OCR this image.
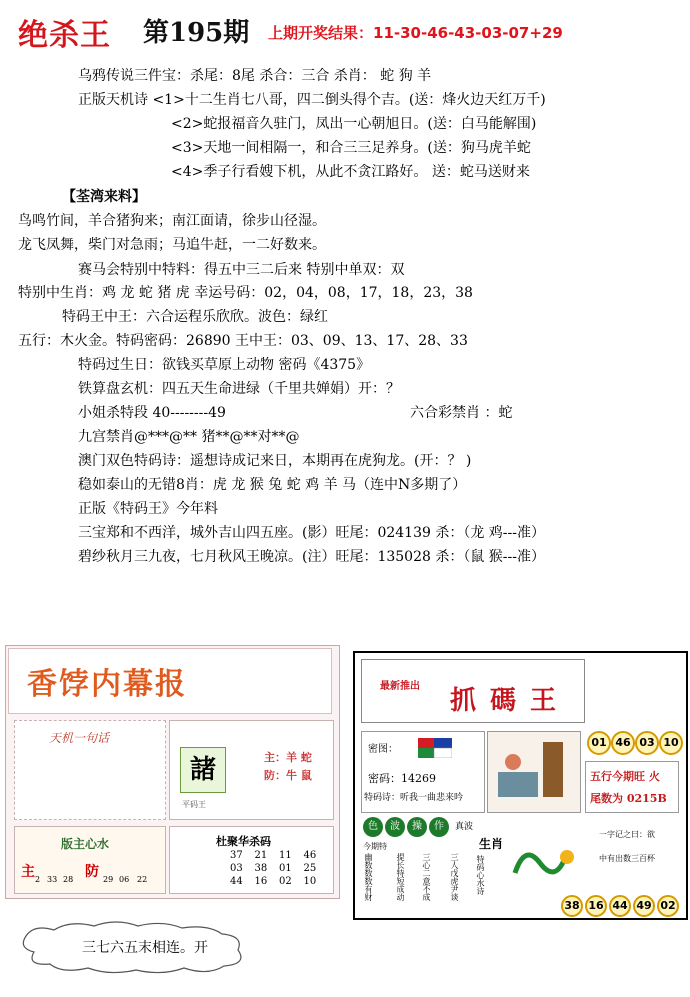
绝杀王 第195期 上期开奖结果：11-30-46-43-03-07+29
乌鸦传说三件宝：杀尾：8尾 杀合：三合 杀肖： 蛇 狗 羊
正版天机诗 <1>十二生肖七八哥，四二倒头得个吉。(送：烽火边天红万千)
<2>蛇报福音久驻门，凤出一心朝旭日。(送：白马能解围)
<3>天地一间相隔一，和合三三足养身。(送：狗马虎羊蛇
<4>季子行看嫂下机，从此不贪江路好。 送：蛇马送财来
【荃湾来料】
鸟鸣竹间，羊合猪狗来；南江面请，徐步山径湿。
龙飞凤舞，柴门对急雨；马追牛赶，一二好数来。
赛马会特别中特料：得五中三二后来 特别中单双：双
特别中生肖：鸡 龙 蛇 猪 虎 幸运号码：02，04，08，17，18，23，38
特码王中王：六合运程乐欣欣。波色：绿红
五行：木火金。特码密码：26890 王中王：03、09、13、17、28、33
特码过生日：欲钱买草原上动物 密码《4375》
铁算盘玄机：四五天生命进绿（千里共婵娟）开：？
小姐杀特段 40--------49	六合彩禁肖 ：蛇
九宫禁肖@***@** 猪**@**对**@
澳门双色特码诗：遥想诗成记来日，本期再在虎狗龙。(开：？ )
稳如泰山的无错8肖：虎 龙 猴 兔 蛇 鸡 羊 马（连中N多期了）
正版《特码王》今年料
三宝郑和不西洋，城外吉山四五座。(影）旺尾：024139 杀：（龙 鸡---准）
碧纱秋月三九夜，七月秋风王晚凉。(注）旺尾：135028 杀：（鼠 猴---准）
香饽内幕报
天机一句话
諸	主：羊 蛇
防：牛 鼠
平码王
版主心水
主	防
2 33 28	29 06 22
杜聚华杀码
37	21	11	46
03	38	01	25
44	16	02	10
最新推出 抓碼王
01 46 03 10
密图：
密码：14269
特码诗：听我一曲悲来吟
五行今期旺 火
尾数为 0215B
色	波	操	作	真波
今期特	生肖
幽数数数有财	提长特短成动 三心二意不成 三人戊虎尹谈 特码心水诗
一字记之曰：欲
中有出数三百杯
38 16 44 49 02
三七六五末相连。开
